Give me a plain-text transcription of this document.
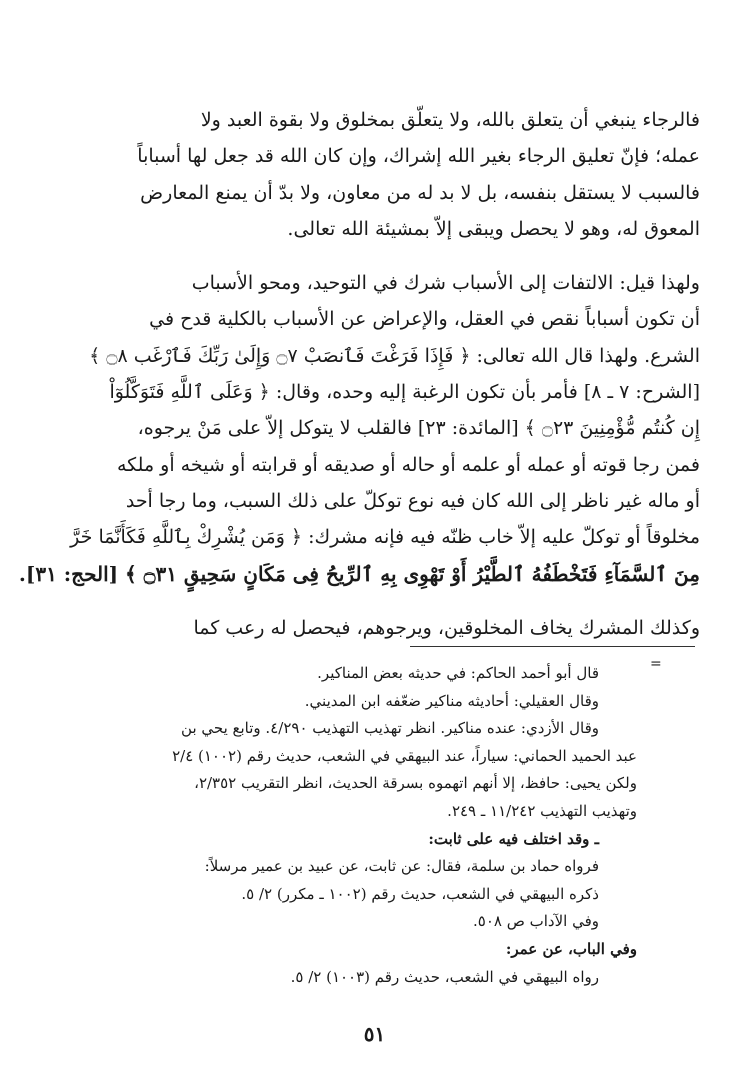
فالرجاء ينبغي أن يتعلق بالله، ولا يتعلّق بمخلوق ولا بقوة العبد ولا
عمله؛ فإنّ تعليق الرجاء بغير الله إشراك، وإن كان الله قد جعل لها أسباباً
فالسبب لا يستقل بنفسه، بل لا بد له من معاون، ولا بدّ أن يمنع المعارض
المعوق له، وهو لا يحصل ويبقى إلاّ بمشيئة الله تعالى.
ولهذا قيل: الالتفات إلى الأسباب شرك في التوحيد، ومحو الأسباب
أن تكون أسباباً نقص في العقل، والإعراض عن الأسباب بالكلية قدح في
الشرع. ولهذا قال الله تعالى: ﴿ فَإِذَا فَرَغْتَ فَٱنصَبْ ۝٧ وَإِلَىٰ رَبِّكَ فَٱرْغَب ۝٨ ﴾
[الشرح: ٧ ـ ٨] فأمر بأن تكون الرغبة إليه وحده، وقال: ﴿ وَعَلَى ٱللَّهِ فَتَوَكَّلُوٓاْ
إِن كُنتُم مُّؤْمِنِينَ ۝٢٣ ﴾ [المائدة: ٢٣] فالقلب لا يتوكل إلاّ على مَنْ يرجوه،
فمن رجا قوته أو عمله أو علمه أو حاله أو صديقه أو قرابته أو شيخه أو ملكه
أو ماله غير ناظر إلى الله كان فيه نوع توكلّ على ذلك السبب، وما رجا أحد
مخلوقاً أو توكلّ عليه إلاّ خاب ظنّه فيه فإنه مشرك: ﴿ وَمَن يُشْرِكْ بِٱللَّهِ فَكَأَنَّمَا خَرَّ
مِنَ ٱلسَّمَآءِ فَتَخْطَفُهُ ٱلطَّيْرُ أَوْ تَهْوِى بِهِ ٱلرِّيحُ فِى مَكَانٍ سَحِيقٍ ۝٣١ ﴾ [الحج: ٣١].
وكذلك المشرك يخاف المخلوقين، ويرجوهم، فيحصل له رعب كما
=
قال أبو أحمد الحاكم: في حديثه بعض المناكير.
وقال العقيلي: أحاديثه مناكير ضعّفه ابن المديني.
وقال الأزدي: عنده مناكير. انظر تهذيب التهذيب ٤/٢٩٠. وتابع يحي بن
عبد الحميد الحماني: سياراً، عند البيهقي في الشعب، حديث رقم (١٠٠٢) ٢/٤
ولكن يحيى: حافظ، إلا أنهم اتهموه بسرقة الحديث، انظر التقريب ٢/٣٥٢،
وتهذيب التهذيب ١١/٢٤٢ ـ ٢٤٩.
ـ وقد اختلف فيه على ثابت:
فرواه حماد بن سلمة، فقال: عن ثابت، عن عبيد بن عمير مرسلاً:
ذكره البيهقي في الشعب، حديث رقم (١٠٠٢ ـ مكرر) ٢/ ٥.
وفي الآداب ص ٥٠٨.
وفي الباب، عن عمر:
رواه البيهقي في الشعب، حديث رقم (١٠٠٣) ٢/ ٥.
٥١
